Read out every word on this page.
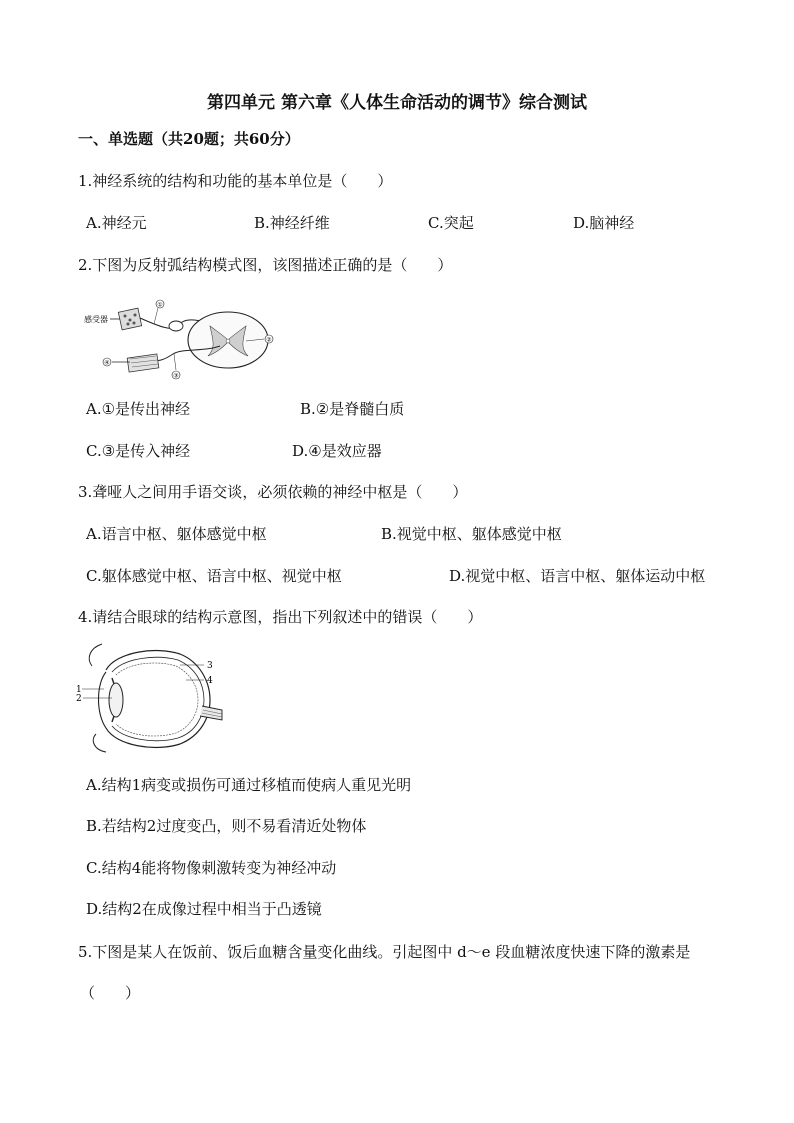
第四单元 第六章《人体生命活动的调节》综合测试
一、单选题（共20题；共60分）
1.神经系统的结构和功能的基本单位是（　　）
A.神经元	B.神经纤维	C.突起	D.脑神经
2.下图为反射弧结构模式图，该图描述正确的是（　　）
感受器
①
②
③
④
A.①是传出神经	B.②是脊髓白质
C.③是传入神经	D.④是效应器
3.聋哑人之间用手语交谈，必须依赖的神经中枢是（　　）
A.语言中枢、躯体感觉中枢	B.视觉中枢、躯体感觉中枢
C.躯体感觉中枢、语言中枢、视觉中枢	D.视觉中枢、语言中枢、躯体运动中枢
4.请结合眼球的结构示意图，指出下列叙述中的错误（　　）
1
2
3
4
A.结构1病变或损伤可通过移植而使病人重见光明
B.若结构2过度变凸，则不易看清近处物体
C.结构4能将物像刺激转变为神经冲动
D.结构2在成像过程中相当于凸透镜
5.下图是某人在饭前、饭后血糖含量变化曲线。引起图中 d～e 段血糖浓度快速下降的激素是
（　　）
